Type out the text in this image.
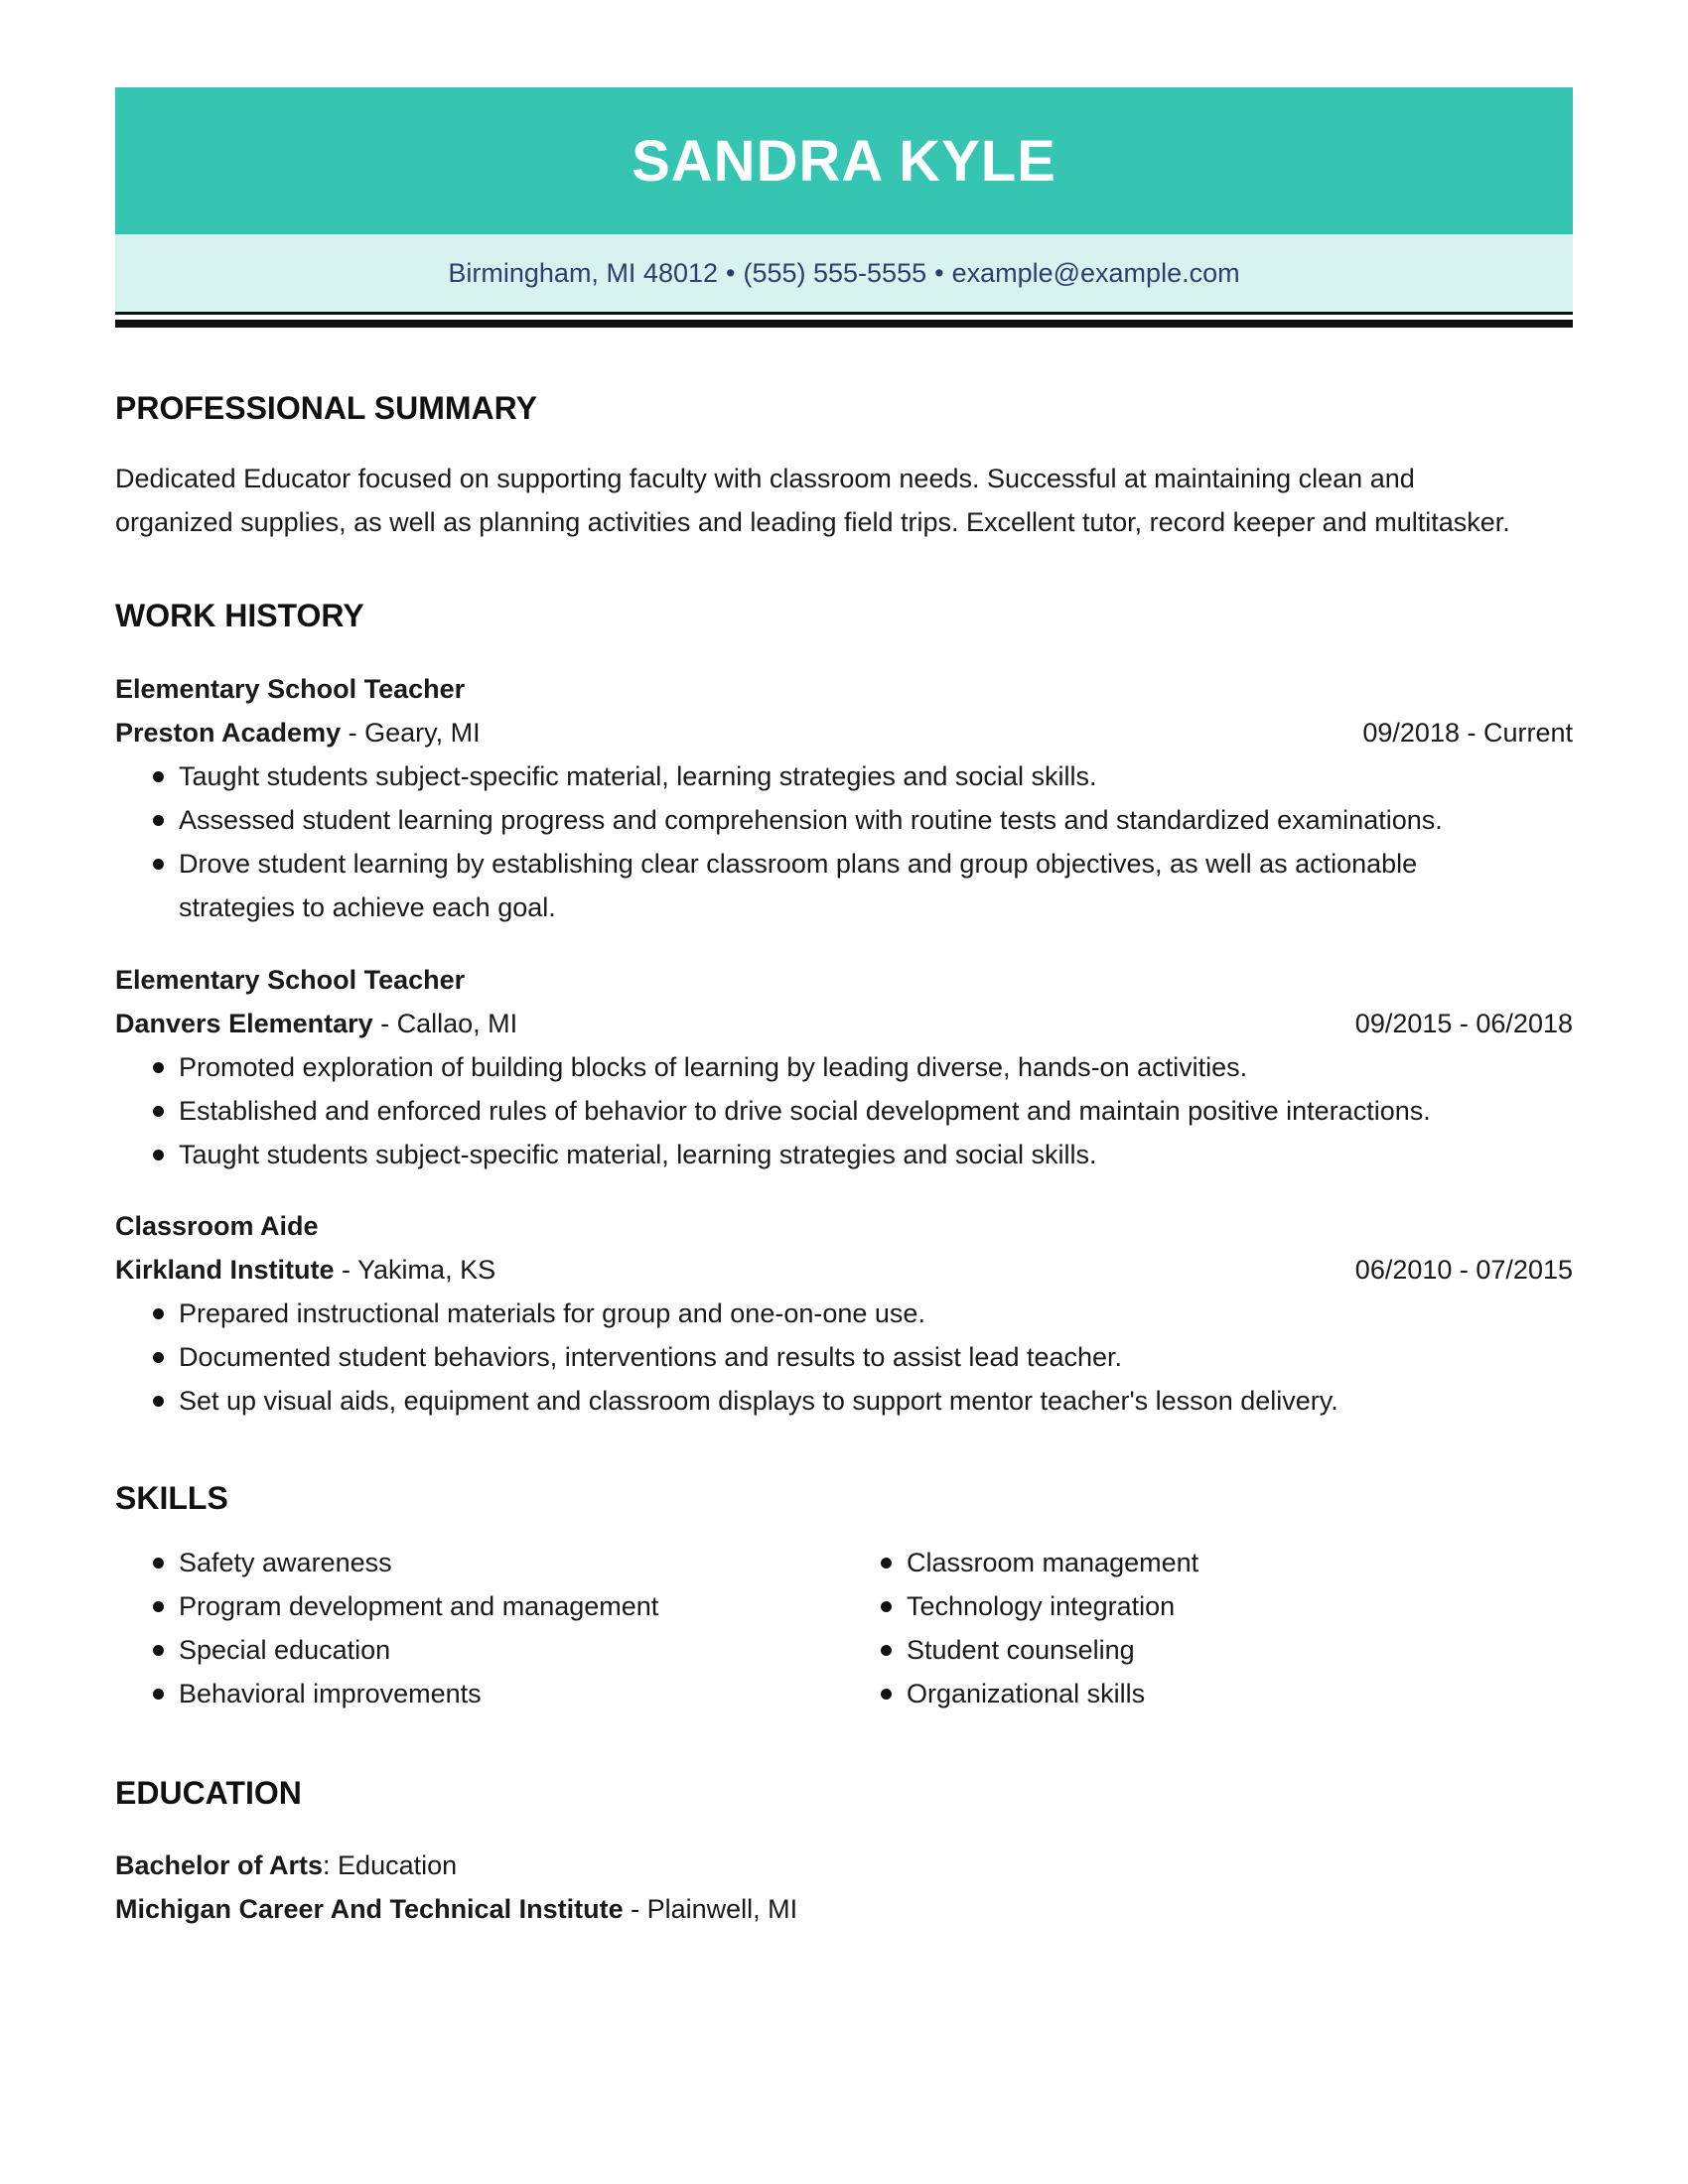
SANDRA KYLE
Birmingham, MI 48012 • (555) 555-5555 • example@example.com
PROFESSIONAL SUMMARY
Dedicated Educator focused on supporting faculty with classroom needs. Successful at maintaining clean and
organized supplies, as well as planning activities and leading field trips. Excellent tutor, record keeper and multitasker.
WORK HISTORY
Elementary School Teacher
Preston Academy - Geary, MI	09/2018 - Current
Taught students subject-specific material, learning strategies and social skills.
Assessed student learning progress and comprehension with routine tests and standardized examinations.
Drove student learning by establishing clear classroom plans and group objectives, as well as actionable
strategies to achieve each goal.
Elementary School Teacher
Danvers Elementary - Callao, MI	09/2015 - 06/2018
Promoted exploration of building blocks of learning by leading diverse, hands-on activities.
Established and enforced rules of behavior to drive social development and maintain positive interactions.
Taught students subject-specific material, learning strategies and social skills.
Classroom Aide
Kirkland Institute - Yakima, KS	06/2010 - 07/2015
Prepared instructional materials for group and one-on-one use.
Documented student behaviors, interventions and results to assist lead teacher.
Set up visual aids, equipment and classroom displays to support mentor teacher's lesson delivery.
SKILLS
Safety awareness
Program development and management
Special education
Behavioral improvements
Classroom management
Technology integration
Student counseling
Organizational skills
EDUCATION
Bachelor of Arts: Education
Michigan Career And Technical Institute - Plainwell, MI
